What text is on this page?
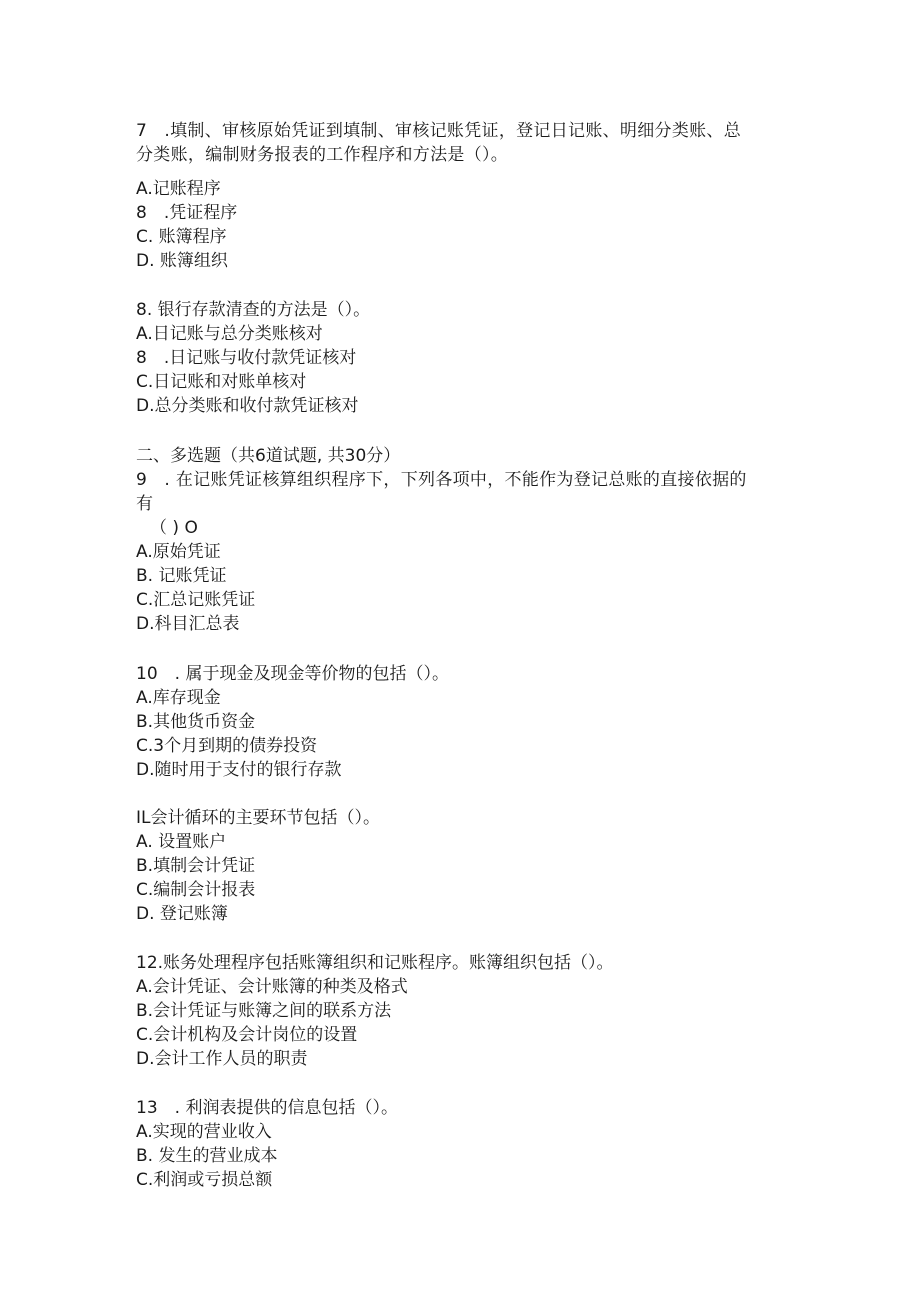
7　.填制、审核原始凭证到填制、审核记账凭证，登记日记账、明细分类账、总
分类账，编制财务报表的工作程序和方法是（）。
A.记账程序
8　.凭证程序
C. 账簿程序
D. 账簿组织
8. 银行存款清查的方法是（）。
A.日记账与总分类账核对
8　.日记账与收付款凭证核对
C.日记账和对账单核对
D.总分类账和收付款凭证核对
二、多选题（共6道试题, 共30分）
9　. 在记账凭证核算组织程序下，下列各项中，不能作为登记总账的直接依据的
有
（ ) O
A.原始凭证
B. 记账凭证
C.汇总记账凭证
D.科目汇总表
10　. 属于现金及现金等价物的包括（）。
A.库存现金
B.其他货币资金
C.3个月到期的债券投资
D.随时用于支付的银行存款
IL会计循环的主要环节包括（）。
A. 设置账户
B.填制会计凭证
C.编制会计报表
D. 登记账簿
12.账务处理程序包括账簿组织和记账程序。账簿组织包括（）。
A.会计凭证、会计账簿的种类及格式
B.会计凭证与账簿之间的联系方法
C.会计机构及会计岗位的设置
D.会计工作人员的职责
13　. 利润表提供的信息包括（）。
A.实现的营业收入
B. 发生的营业成本
C.利润或亏损总额
